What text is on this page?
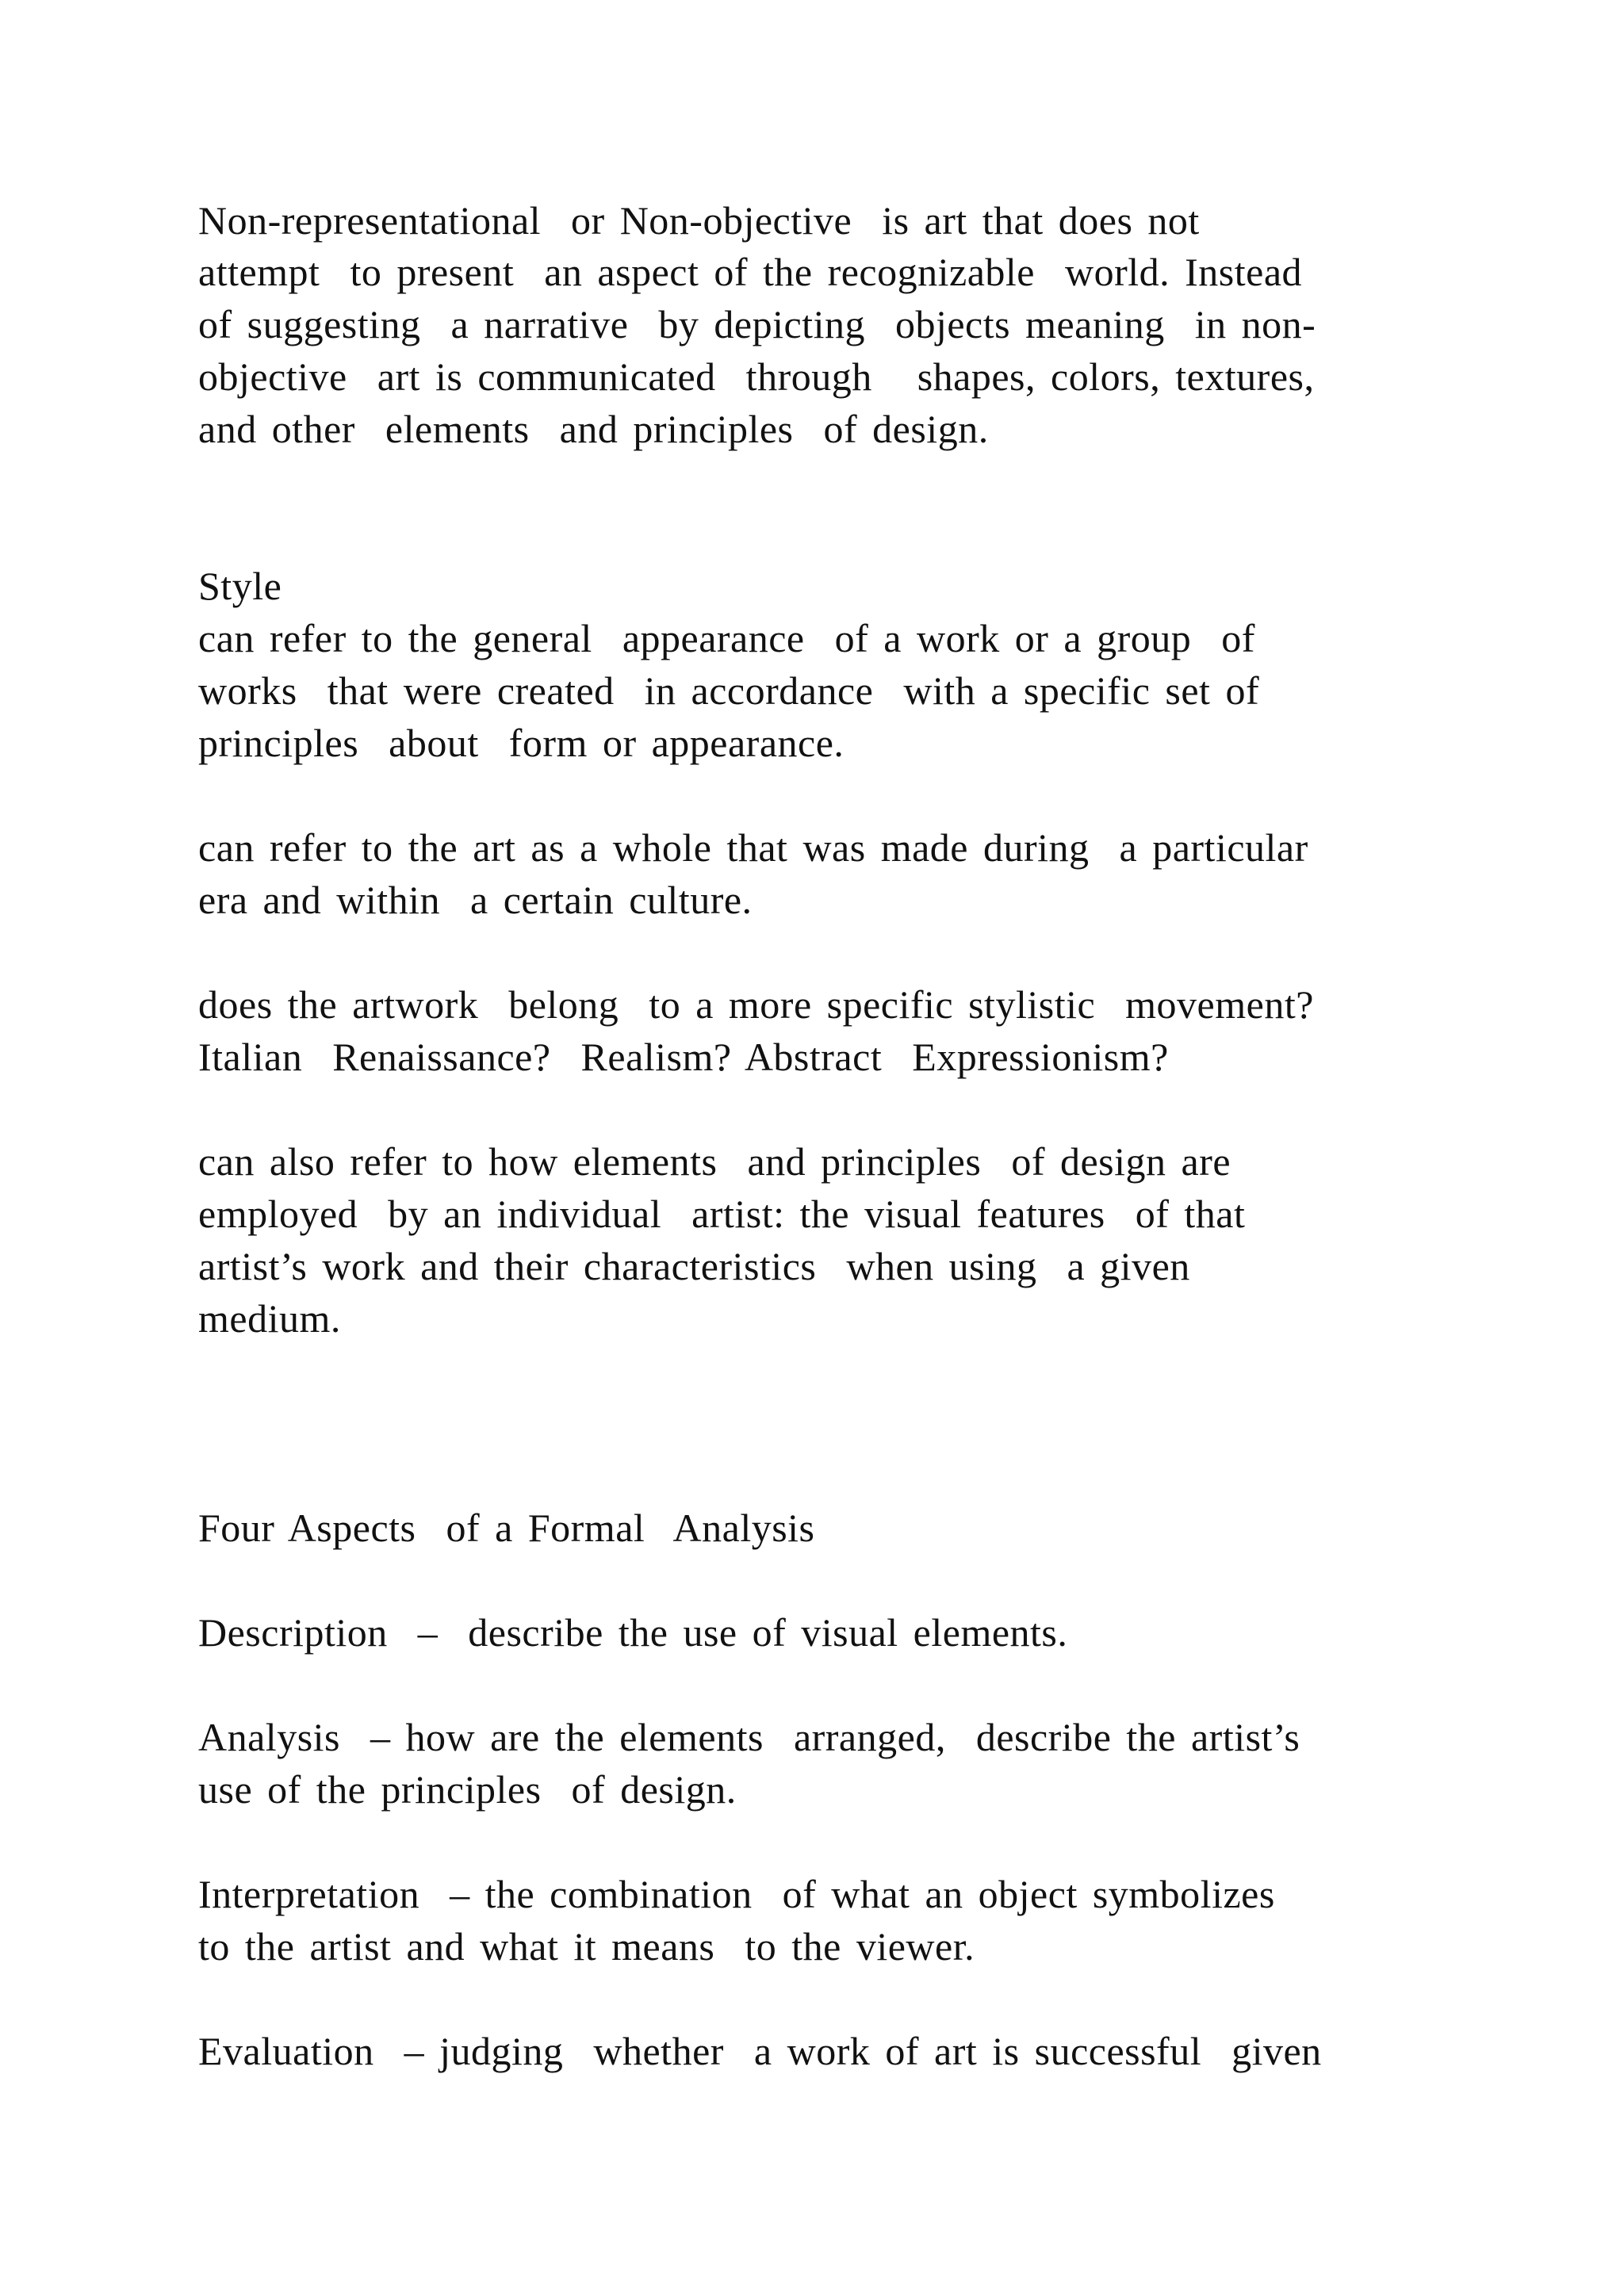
Non-representational  or Non-objective  is art that does not
attempt  to present  an aspect of the recognizable  world. Instead
of suggesting  a narrative  by depicting  objects meaning  in non-
objective  art is communicated  through   shapes, colors, textures,
and other  elements  and principles  of design.
Style
can refer to the general  appearance  of a work or a group  of
works  that were created  in accordance  with a specific set of
principles  about  form or appearance.
can refer to the art as a whole that was made during  a particular
era and within  a certain culture.
does the artwork  belong  to a more specific stylistic  movement?
Italian  Renaissance?  Realism? Abstract  Expressionism?
can also refer to how elements  and principles  of design are
employed  by an individual  artist: the visual features  of that
artist’s work and their characteristics  when using  a given
medium.
Four Aspects  of a Formal  Analysis
Description  –  describe the use of visual elements.
Analysis  – how are the elements  arranged,  describe the artist’s
use of the principles  of design.
Interpretation  – the combination  of what an object symbolizes
to the artist and what it means  to the viewer.
Evaluation  – judging  whether  a work of art is successful  given
